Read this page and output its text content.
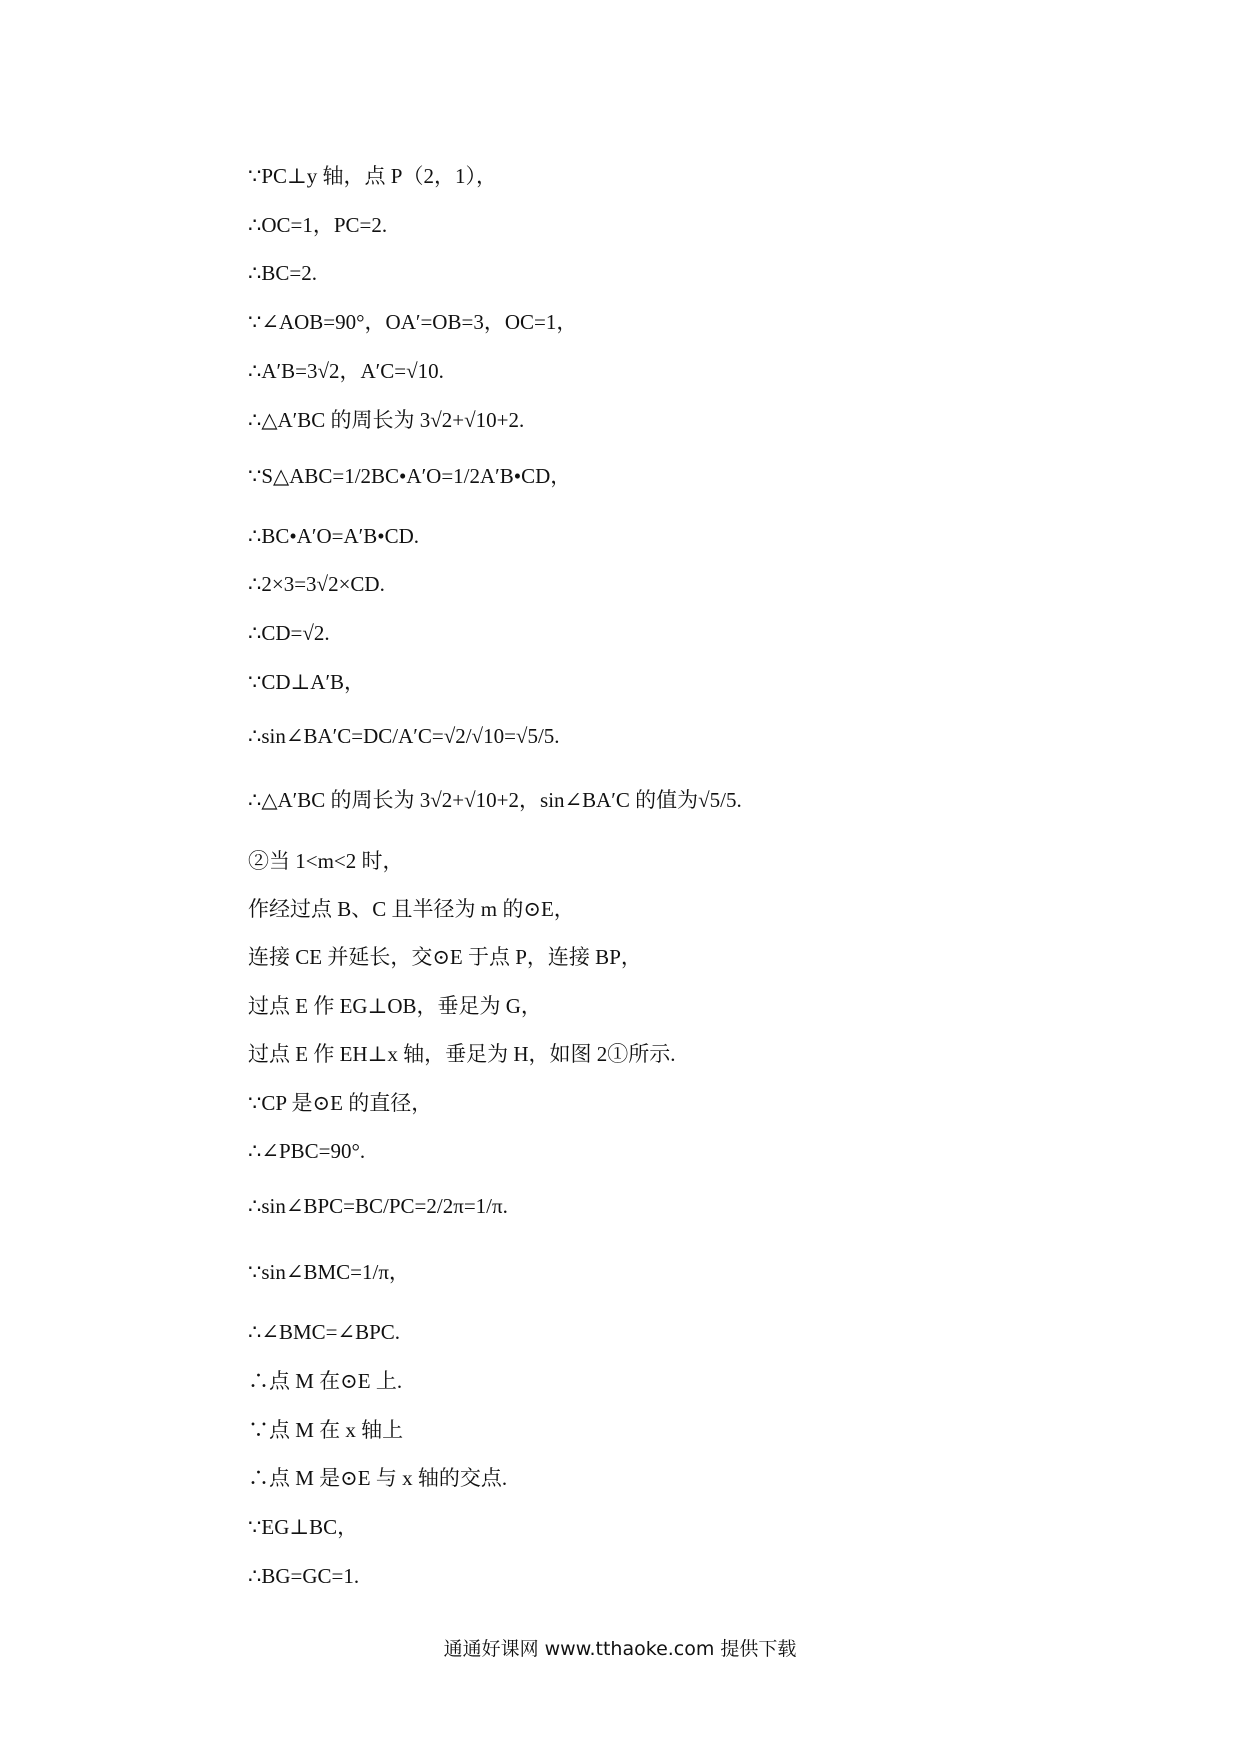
∵PC⊥y 轴，点 P（2，1），
∴OC=1，PC=2.
∴BC=2.
∵∠AOB=90°，OA′=OB=3，OC=1，
∴A′B=3√2，A′C=√10.
∴△A′BC 的周长为 3√2+√10+2.
∵S△ABC=1/2BC•A′O=1/2A′B•CD，
∴BC•A′O=A′B•CD.
∴2×3=3√2×CD.
∴CD=√2.
∵CD⊥A′B，
∴sin∠BA′C=DC/A′C=√2/√10=√5/5.
∴△A′BC 的周长为 3√2+√10+2，sin∠BA′C 的值为√5/5.
②当 1<m<2 时，
作经过点 B、C 且半径为 m 的⊙E，
连接 CE 并延长，交⊙E 于点 P，连接 BP，
过点 E 作 EG⊥OB，垂足为 G，
过点 E 作 EH⊥x 轴，垂足为 H，如图 2①所示.
∵CP 是⊙E 的直径，
∴∠PBC=90°.
∴sin∠BPC=BC/PC=2/2π=1/π.
∵sin∠BMC=1/π，
∴∠BMC=∠BPC.
∴点 M 在⊙E 上.
∵点 M 在 x 轴上
∴点 M 是⊙E 与 x 轴的交点.
∵EG⊥BC，
∴BG=GC=1.
通通好课网 www.tthaoke.com 提供下载
